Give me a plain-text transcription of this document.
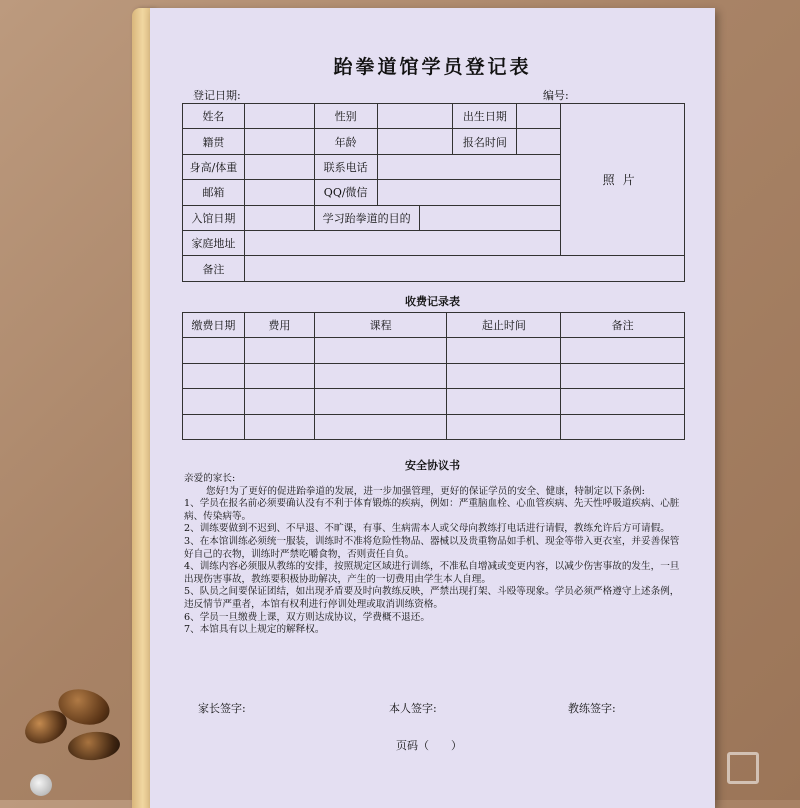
跆拳道馆学员登记表
登记日期:	编号:
姓名		性别			出生日期		照片
籍贯		年龄			报名时间		
身高/体重		联系电话					
邮箱		QQ/微信					
入馆日期		学习跆拳道的目的					
家庭地址							
备注							
收费记录表
缴费日期	费用	课程	起止时间	备注

安全协议书

亲爱的家长:

您好!为了更好的促进跆拳道的发展，进一步加强管理，更好的保证学员的安全、健康，特制定以下条例:

1、学员在报名前必须要确认没有不利于体育锻炼的疾病，例如：严重脑血栓、心血管疾病、先天性呼吸道疾病、心脏病、传染病等。

2、训练要做到不迟到、不早退、不旷课，有事、生病需本人或父母向教练打电话进行请假，教练允许后方可请假。

3、在本馆训练必须统一服装，训练时不准将危险性物品、器械以及贵重物品如手机、现金等带入更衣室，并妥善保管好自己的衣物，训练时严禁吃嚼食物，否则责任自负。

4、训练内容必须服从教练的安排，按照规定区域进行训练，不准私自增减或变更内容，以减少伤害事故的发生，一旦出现伤害事故，教练要积极协助解决，产生的一切费用由学生本人自理。

5、队员之间要保证团结，如出现矛盾要及时向教练反映，严禁出现打架、斗殴等现象。学员必须严格遵守上述条例，违反情节严重者，本馆有权利进行停训处理或取消训练资格。

6、学员一旦缴费上课，双方则达成协议，学费概不退还。

7、本馆具有以上规定的解释权。

家长签字:	本人签字:	教练签字:
页码（　　）
